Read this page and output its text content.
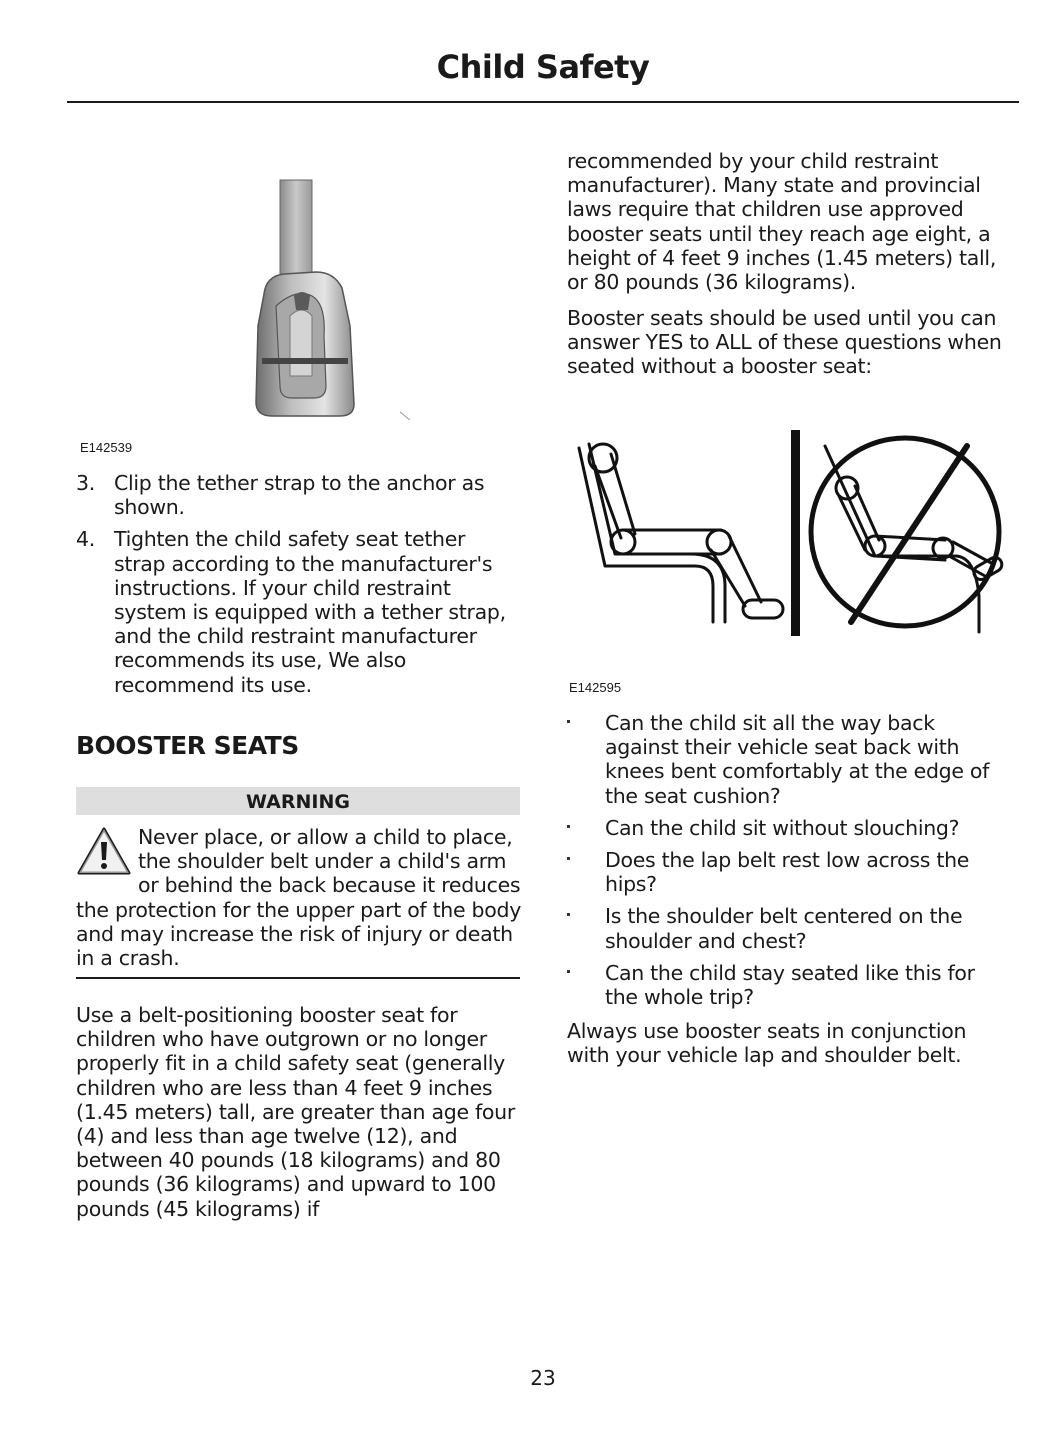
Child Safety
E142539
3. Clip the tether strap to the anchor as shown.
4. Tighten the child safety seat tether strap according to the manufacturer's instructions. If your child restraint system is equipped with a tether strap, and the child restraint manufacturer recommends its use, We also recommend its use.
BOOSTER SEATS
WARNING
Never place, or allow a child to place, the shoulder belt under a child's arm or behind the back because it reduces the protection for the upper part of the body and may increase the risk of injury or death in a crash.

Use a belt-positioning booster seat for children who have outgrown or no longer properly fit in a child safety seat (generally children who are less than 4 feet 9 inches (1.45 meters) tall, are greater than age four (4) and less than age twelve (12), and between 40 pounds (18 kilograms) and 80 pounds (36 kilograms) and upward to 100 pounds (45 kilograms) if

recommended by your child restraint manufacturer). Many state and provincial laws require that children use approved booster seats until they reach age eight, a height of 4 feet 9 inches (1.45 meters) tall, or 80 pounds (36 kilograms).

Booster seats should be used until you can answer YES to ALL of these questions when seated without a booster seat:

E142595
Can the child sit all the way back against their vehicle seat back with knees bent comfortably at the edge of the seat cushion?
Can the child sit without slouching?
Does the lap belt rest low across the hips?
Is the shoulder belt centered on the shoulder and chest?
Can the child stay seated like this for the whole trip?

Always use booster seats in conjunction with your vehicle lap and shoulder belt.

23
